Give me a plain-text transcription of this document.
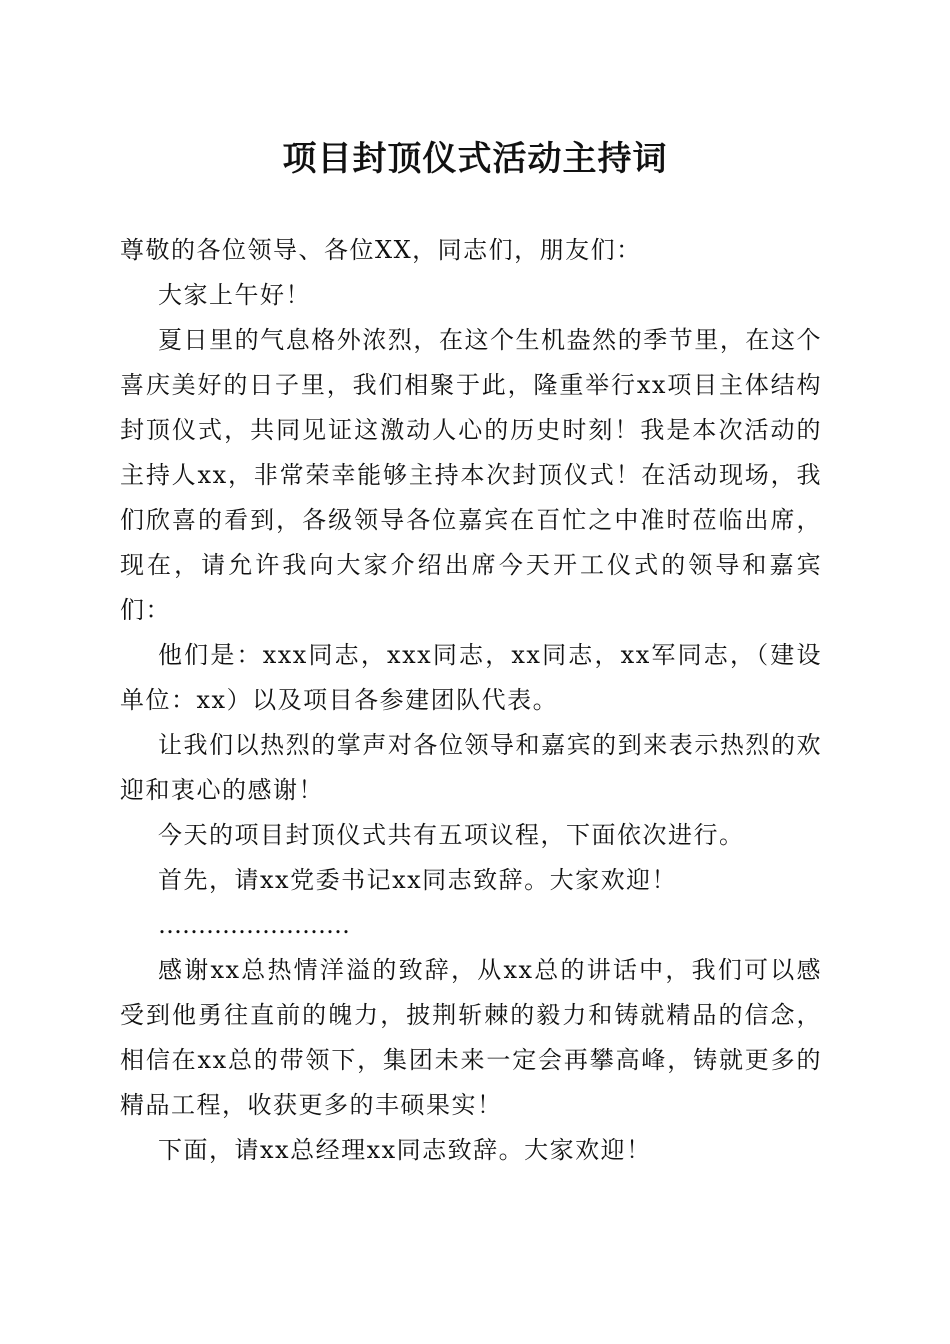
项目封顶仪式活动主持词

尊敬的各位领导、各位XX，同志们，朋友们：

大家上午好！

夏日里的气息格外浓烈，在这个生机盎然的季节里，在这个喜庆美好的日子里，我们相聚于此，隆重举行xx项目主体结构封顶仪式，共同见证这激动人心的历史时刻！我是本次活动的主持人xx，非常荣幸能够主持本次封顶仪式！在活动现场，我们欣喜的看到，各级领导各位嘉宾在百忙之中准时莅临出席，现在，请允许我向大家介绍出席今天开工仪式的领导和嘉宾们：

他们是：xxx同志，xxx同志，xx同志，xx军同志，（建设单位：xx）以及项目各参建团队代表。

让我们以热烈的掌声对各位领导和嘉宾的到来表示热烈的欢迎和衷心的感谢！

今天的项目封顶仪式共有五项议程，下面依次进行。

首先，请xx党委书记xx同志致辞。大家欢迎！

……………………

感谢xx总热情洋溢的致辞，从xx总的讲话中，我们可以感受到他勇往直前的魄力，披荆斩棘的毅力和铸就精品的信念，相信在xx总的带领下，集团未来一定会再攀高峰，铸就更多的精品工程，收获更多的丰硕果实！

下面，请xx总经理xx同志致辞。大家欢迎！
